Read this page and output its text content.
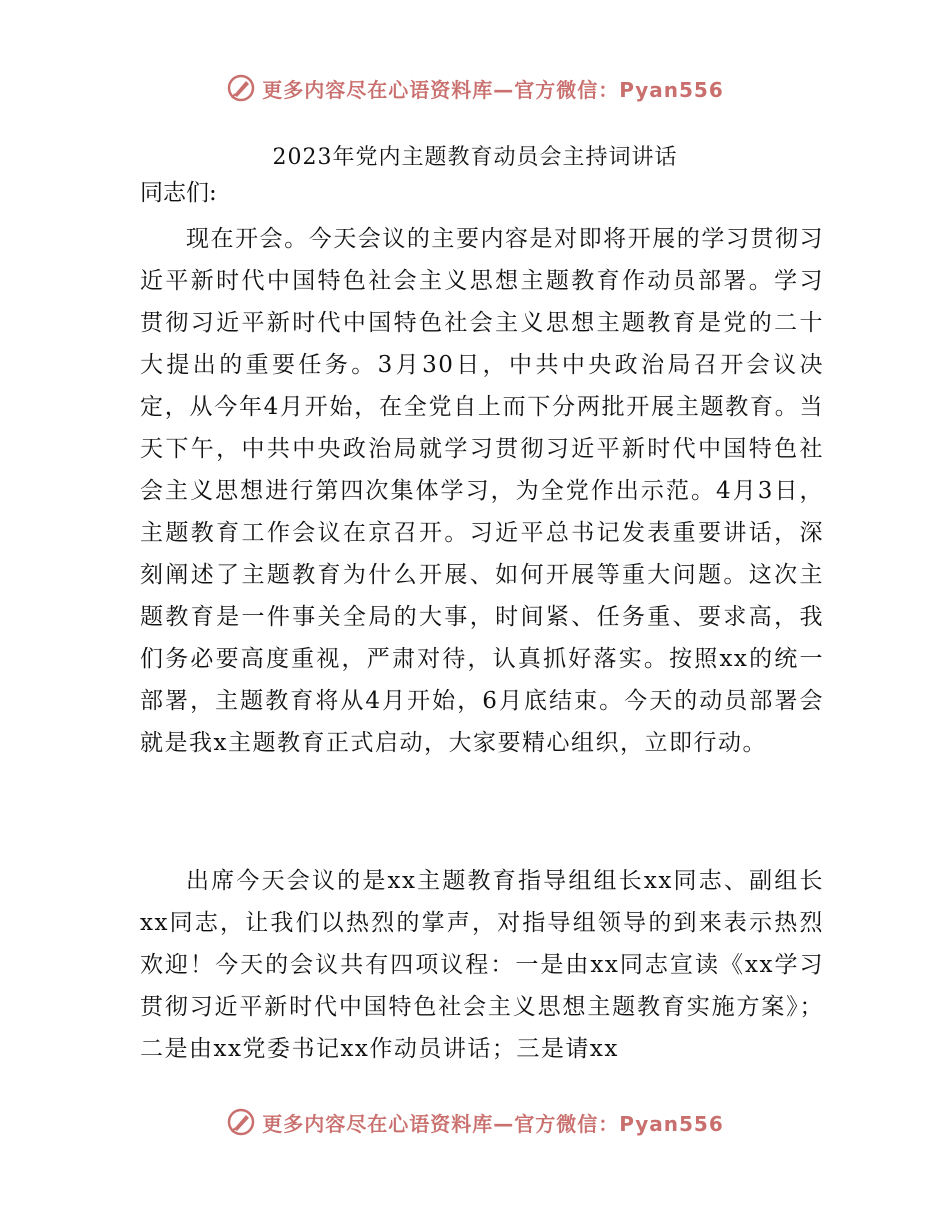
更多内容尽在心语资料库—官方微信：Pyan556
2023年党内主题教育动员会主持词讲话
同志们:

现在开会。今天会议的主要内容是对即将开展的学习贯彻习近平新时代中国特色社会主义思想主题教育作动员部署。学习贯彻习近平新时代中国特色社会主义思想主题教育是党的二十大提出的重要任务。3月30日，中共中央政治局召开会议决定，从今年4月开始，在全党自上而下分两批开展主题教育。当天下午，中共中央政治局就学习贯彻习近平新时代中国特色社会主义思想进行第四次集体学习，为全党作出示范。4月3日，主题教育工作会议在京召开。习近平总书记发表重要讲话，深刻阐述了主题教育为什么开展、如何开展等重大问题。这次主题教育是一件事关全局的大事，时间紧、任务重、要求高，我们务必要高度重视，严肃对待，认真抓好落实。按照xx的统一部署，主题教育将从4月开始，6月底结束。今天的动员部署会就是我x主题教育正式启动，大家要精心组织，立即行动。

出席今天会议的是xx主题教育指导组组长xx同志、副组长xx同志，让我们以热烈的掌声，对指导组领导的到来表示热烈欢迎！今天的会议共有四项议程：一是由xx同志宣读《xx学习贯彻习近平新时代中国特色社会主义思想主题教育实施方案》；二是由xx党委书记xx作动员讲话；三是请xx

更多内容尽在心语资料库—官方微信：Pyan556
